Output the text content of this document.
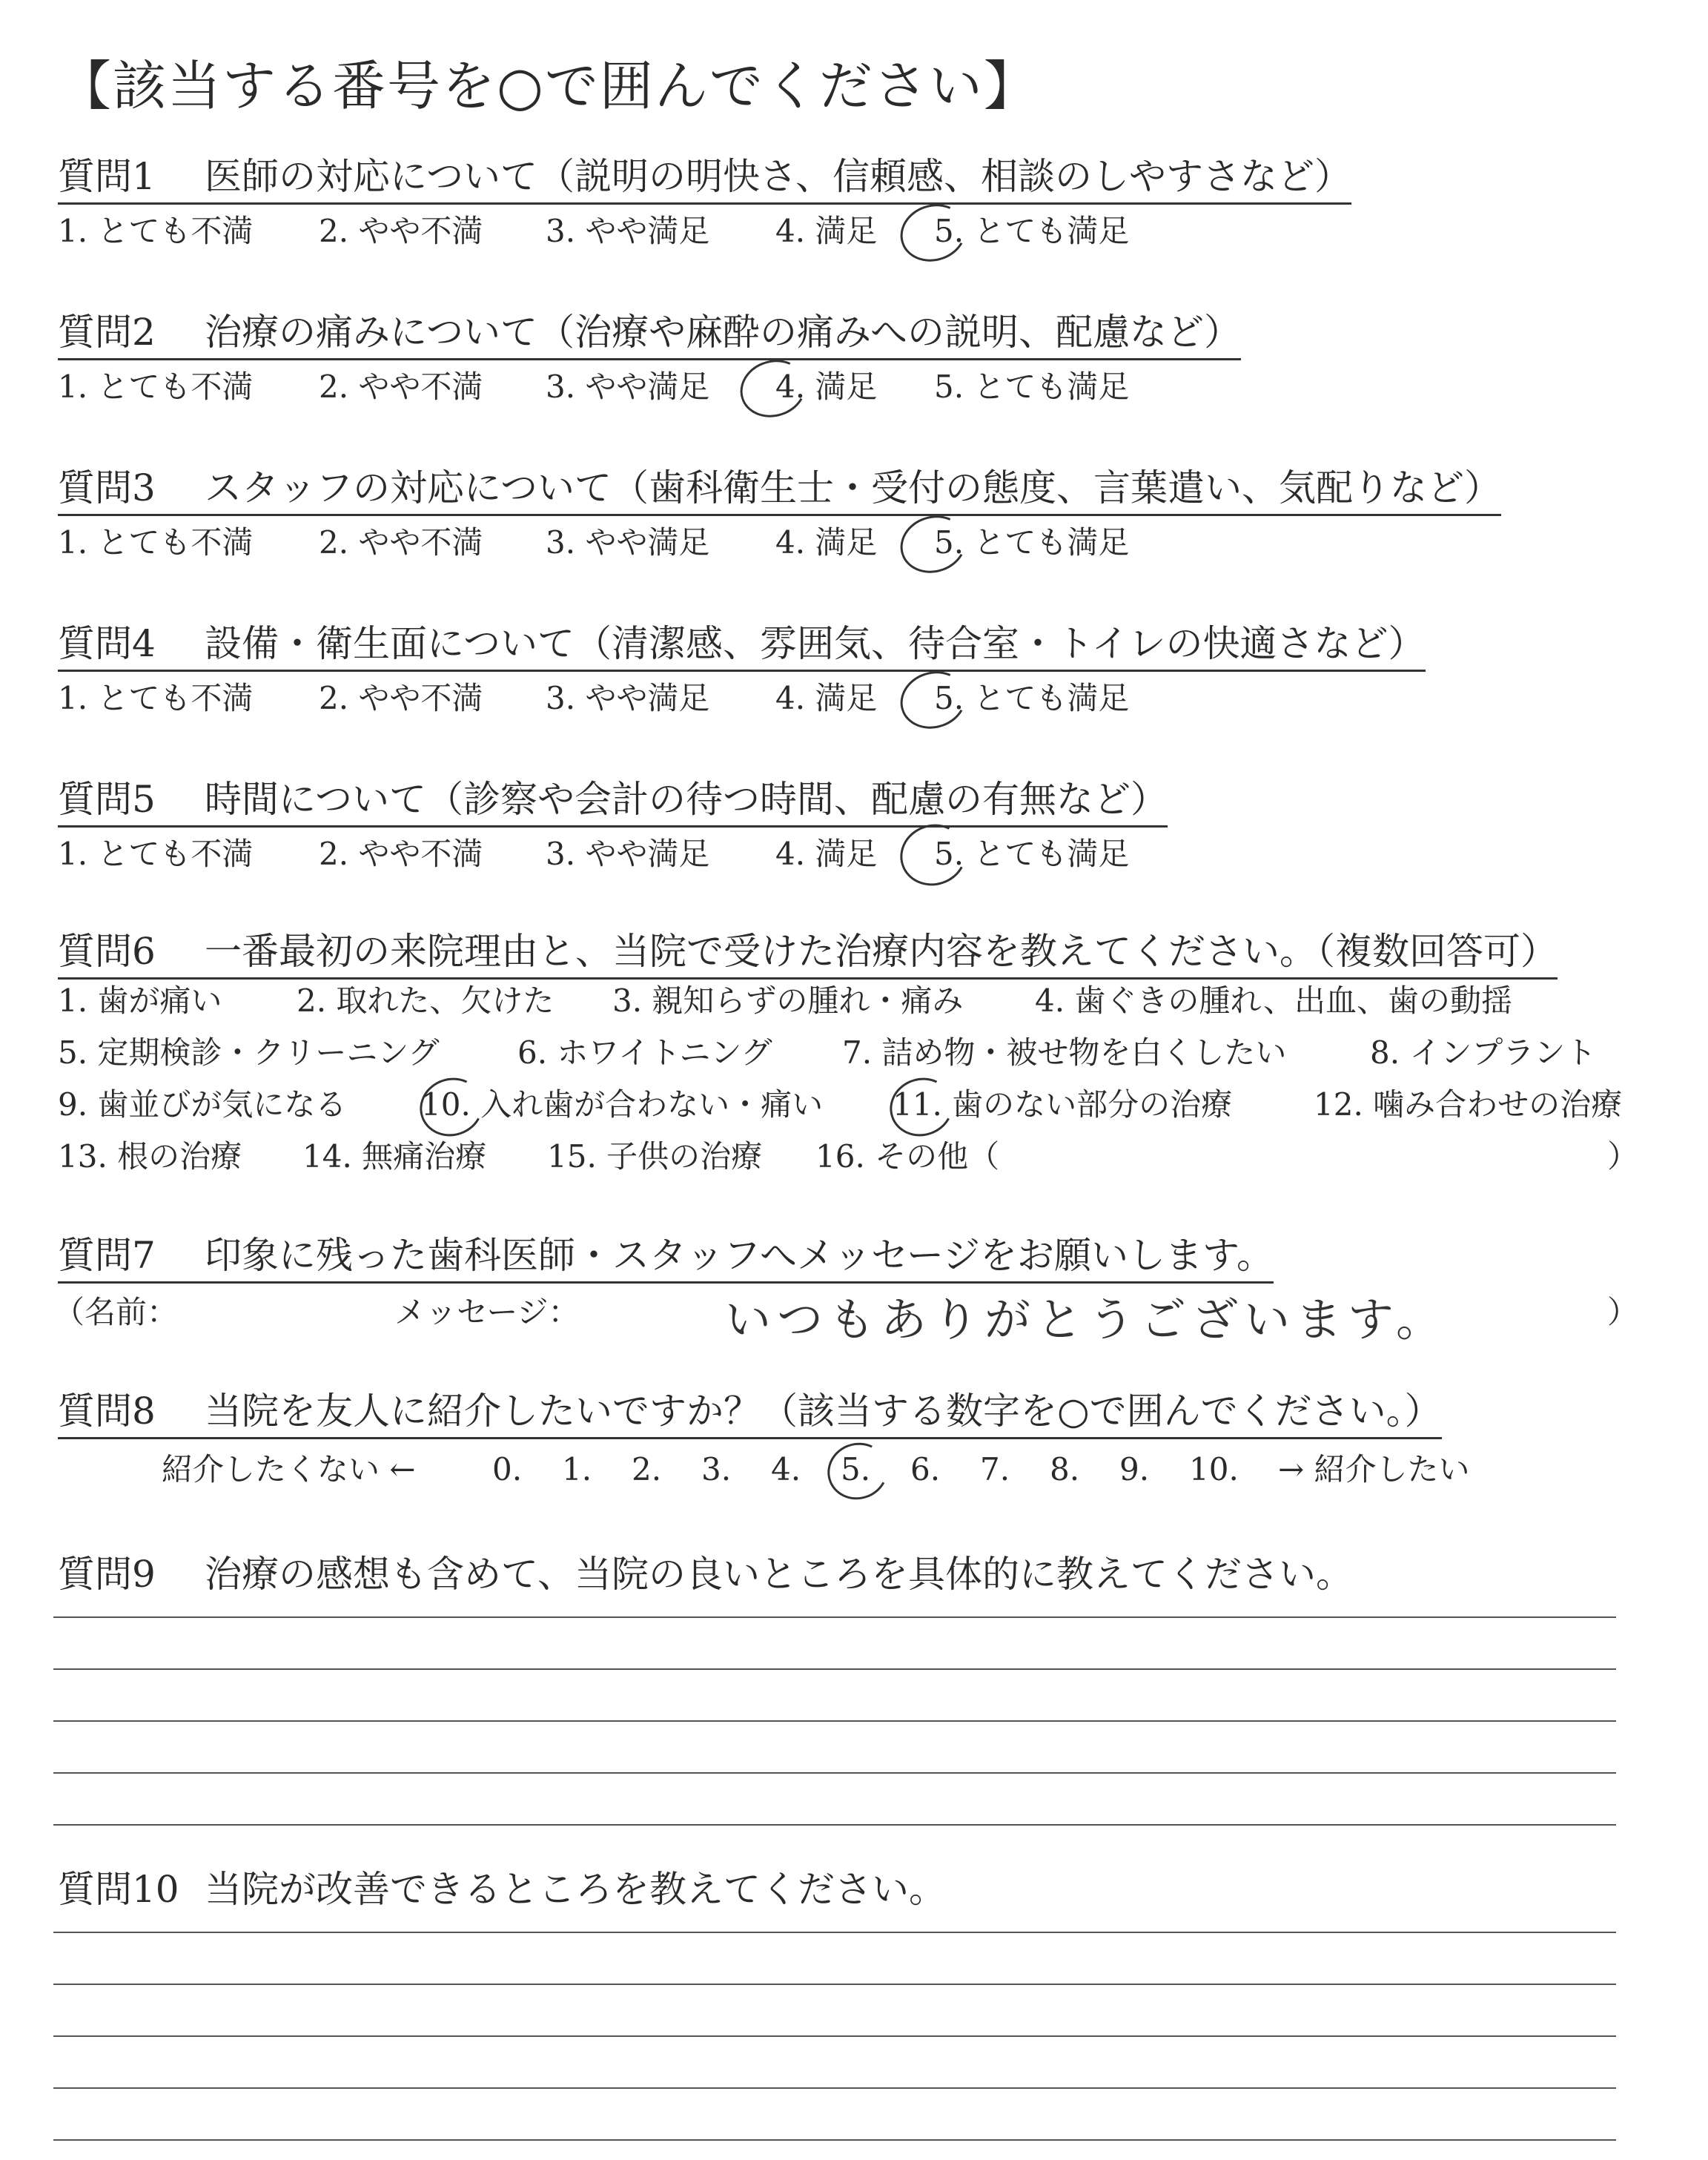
【該当する番号を○で囲んでください】
質問1 医師の対応について（説明の明快さ、信頼感、相談のしやすさなど）
1. とても不満 2. やや不満 3. やや満足 4. 満足 5. とても満足
質問2 治療の痛みについて（治療や麻酔の痛みへの説明、配慮など）
1. とても不満 2. やや不満 3. やや満足 4. 満足 5. とても満足
質問3 スタッフの対応について（歯科衛生士・受付の態度、言葉遣い、気配りなど）
1. とても不満 2. やや不満 3. やや満足 4. 満足 5. とても満足
質問4 設備・衛生面について（清潔感、雰囲気、待合室・トイレの快適さなど）
1. とても不満 2. やや不満 3. やや満足 4. 満足 5. とても満足
質問5 時間について（診察や会計の待つ時間、配慮の有無など）
1. とても不満 2. やや不満 3. やや満足 4. 満足 5. とても満足
質問6 一番最初の来院理由と、当院で受けた治療内容を教えてください。（複数回答可）
1. 歯が痛い 2. 取れた、欠けた 3. 親知らずの腫れ・痛み 4. 歯ぐきの腫れ、出血、歯の動揺
5. 定期検診・クリーニング	6. ホワイトニング 7. 詰め物・被せ物を白くしたい	8. インプラント
9. 歯並びが気になる 10. 入れ歯が合わない・痛い 11. 歯のない部分の治療	12. 噛み合わせの治療
13. 根の治療 14. 無痛治療 15. 子供の治療 16. その他（	）
質問7 印象に残った歯科医師・スタッフへメッセージをお願いします。
（名前：	メッセージ：	いつもありがとうございます。	）
質問8 当院を友人に紹介したいですか？（該当する数字を○で囲んでください。）
紹介したくない ← 0. 1. 2. 3. 4. 5. 6. 7. 8. 9. 10. → 紹介したい
質問9 治療の感想も含めて、当院の良いところを具体的に教えてください。
質問10 当院が改善できるところを教えてください。
